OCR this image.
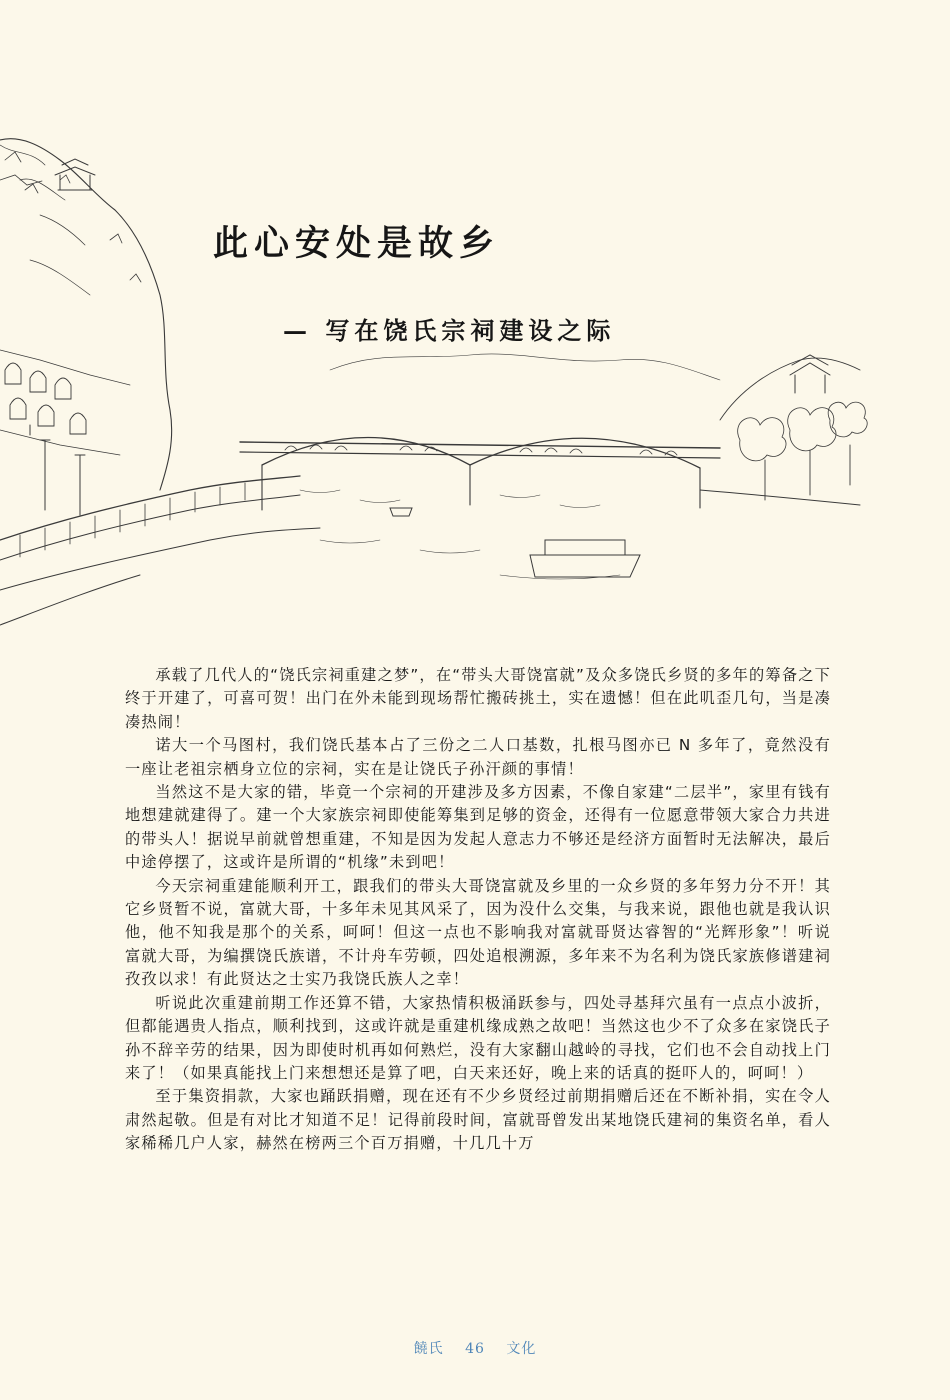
此心安处是故乡
— 写在饶氏宗祠建设之际

承载了几代人的“饶氏宗祠重建之梦”，在“带头大哥饶富就”及众多饶氏乡贤的多年的筹备之下终于开建了，可喜可贺！出门在外未能到现场帮忙搬砖挑土，实在遗憾！但在此叽歪几句，当是凑凑热闹！

诺大一个马图村，我们饶氏基本占了三份之二人口基数，扎根马图亦已 N 多年了，竟然没有一座让老祖宗栖身立位的宗祠，实在是让饶氏子孙汗颜的事情！

当然这不是大家的错，毕竟一个宗祠的开建涉及多方因素，不像自家建“二层半”，家里有钱有地想建就建得了。建一个大家族宗祠即使能筹集到足够的资金，还得有一位愿意带领大家合力共进的带头人！据说早前就曾想重建，不知是因为发起人意志力不够还是经济方面暂时无法解决，最后中途停摆了，这或许是所谓的“机缘”未到吧！

今天宗祠重建能顺利开工，跟我们的带头大哥饶富就及乡里的一众乡贤的多年努力分不开！其它乡贤暂不说，富就大哥，十多年未见其风采了，因为没什么交集，与我来说，跟他也就是我认识他，他不知我是那个的关系，呵呵！但这一点也不影响我对富就哥贤达睿智的“光辉形象”！听说富就大哥，为编撰饶氏族谱，不计舟车劳顿，四处追根溯源，多年来不为名利为饶氏家族修谱建祠孜孜以求！有此贤达之士实乃我饶氏族人之幸！

听说此次重建前期工作还算不错，大家热情积极涌跃参与，四处寻基拜穴虽有一点点小波折，但都能遇贵人指点，顺利找到，这或许就是重建机缘成熟之故吧！当然这也少不了众多在家饶氏子孙不辞辛劳的结果，因为即使时机再如何熟烂，没有大家翻山越岭的寻找，它们也不会自动找上门来了！（如果真能找上门来想想还是算了吧，白天来还好，晚上来的话真的挺吓人的，呵呵！）

至于集资捐款，大家也踊跃捐赠，现在还有不少乡贤经过前期捐赠后还在不断补捐，实在令人肃然起敬。但是有对比才知道不足！记得前段时间，富就哥曾发出某地饶氏建祠的集资名单，看人家稀稀几户人家，赫然在榜两三个百万捐赠，十几几十万

饒氏 46 文化
